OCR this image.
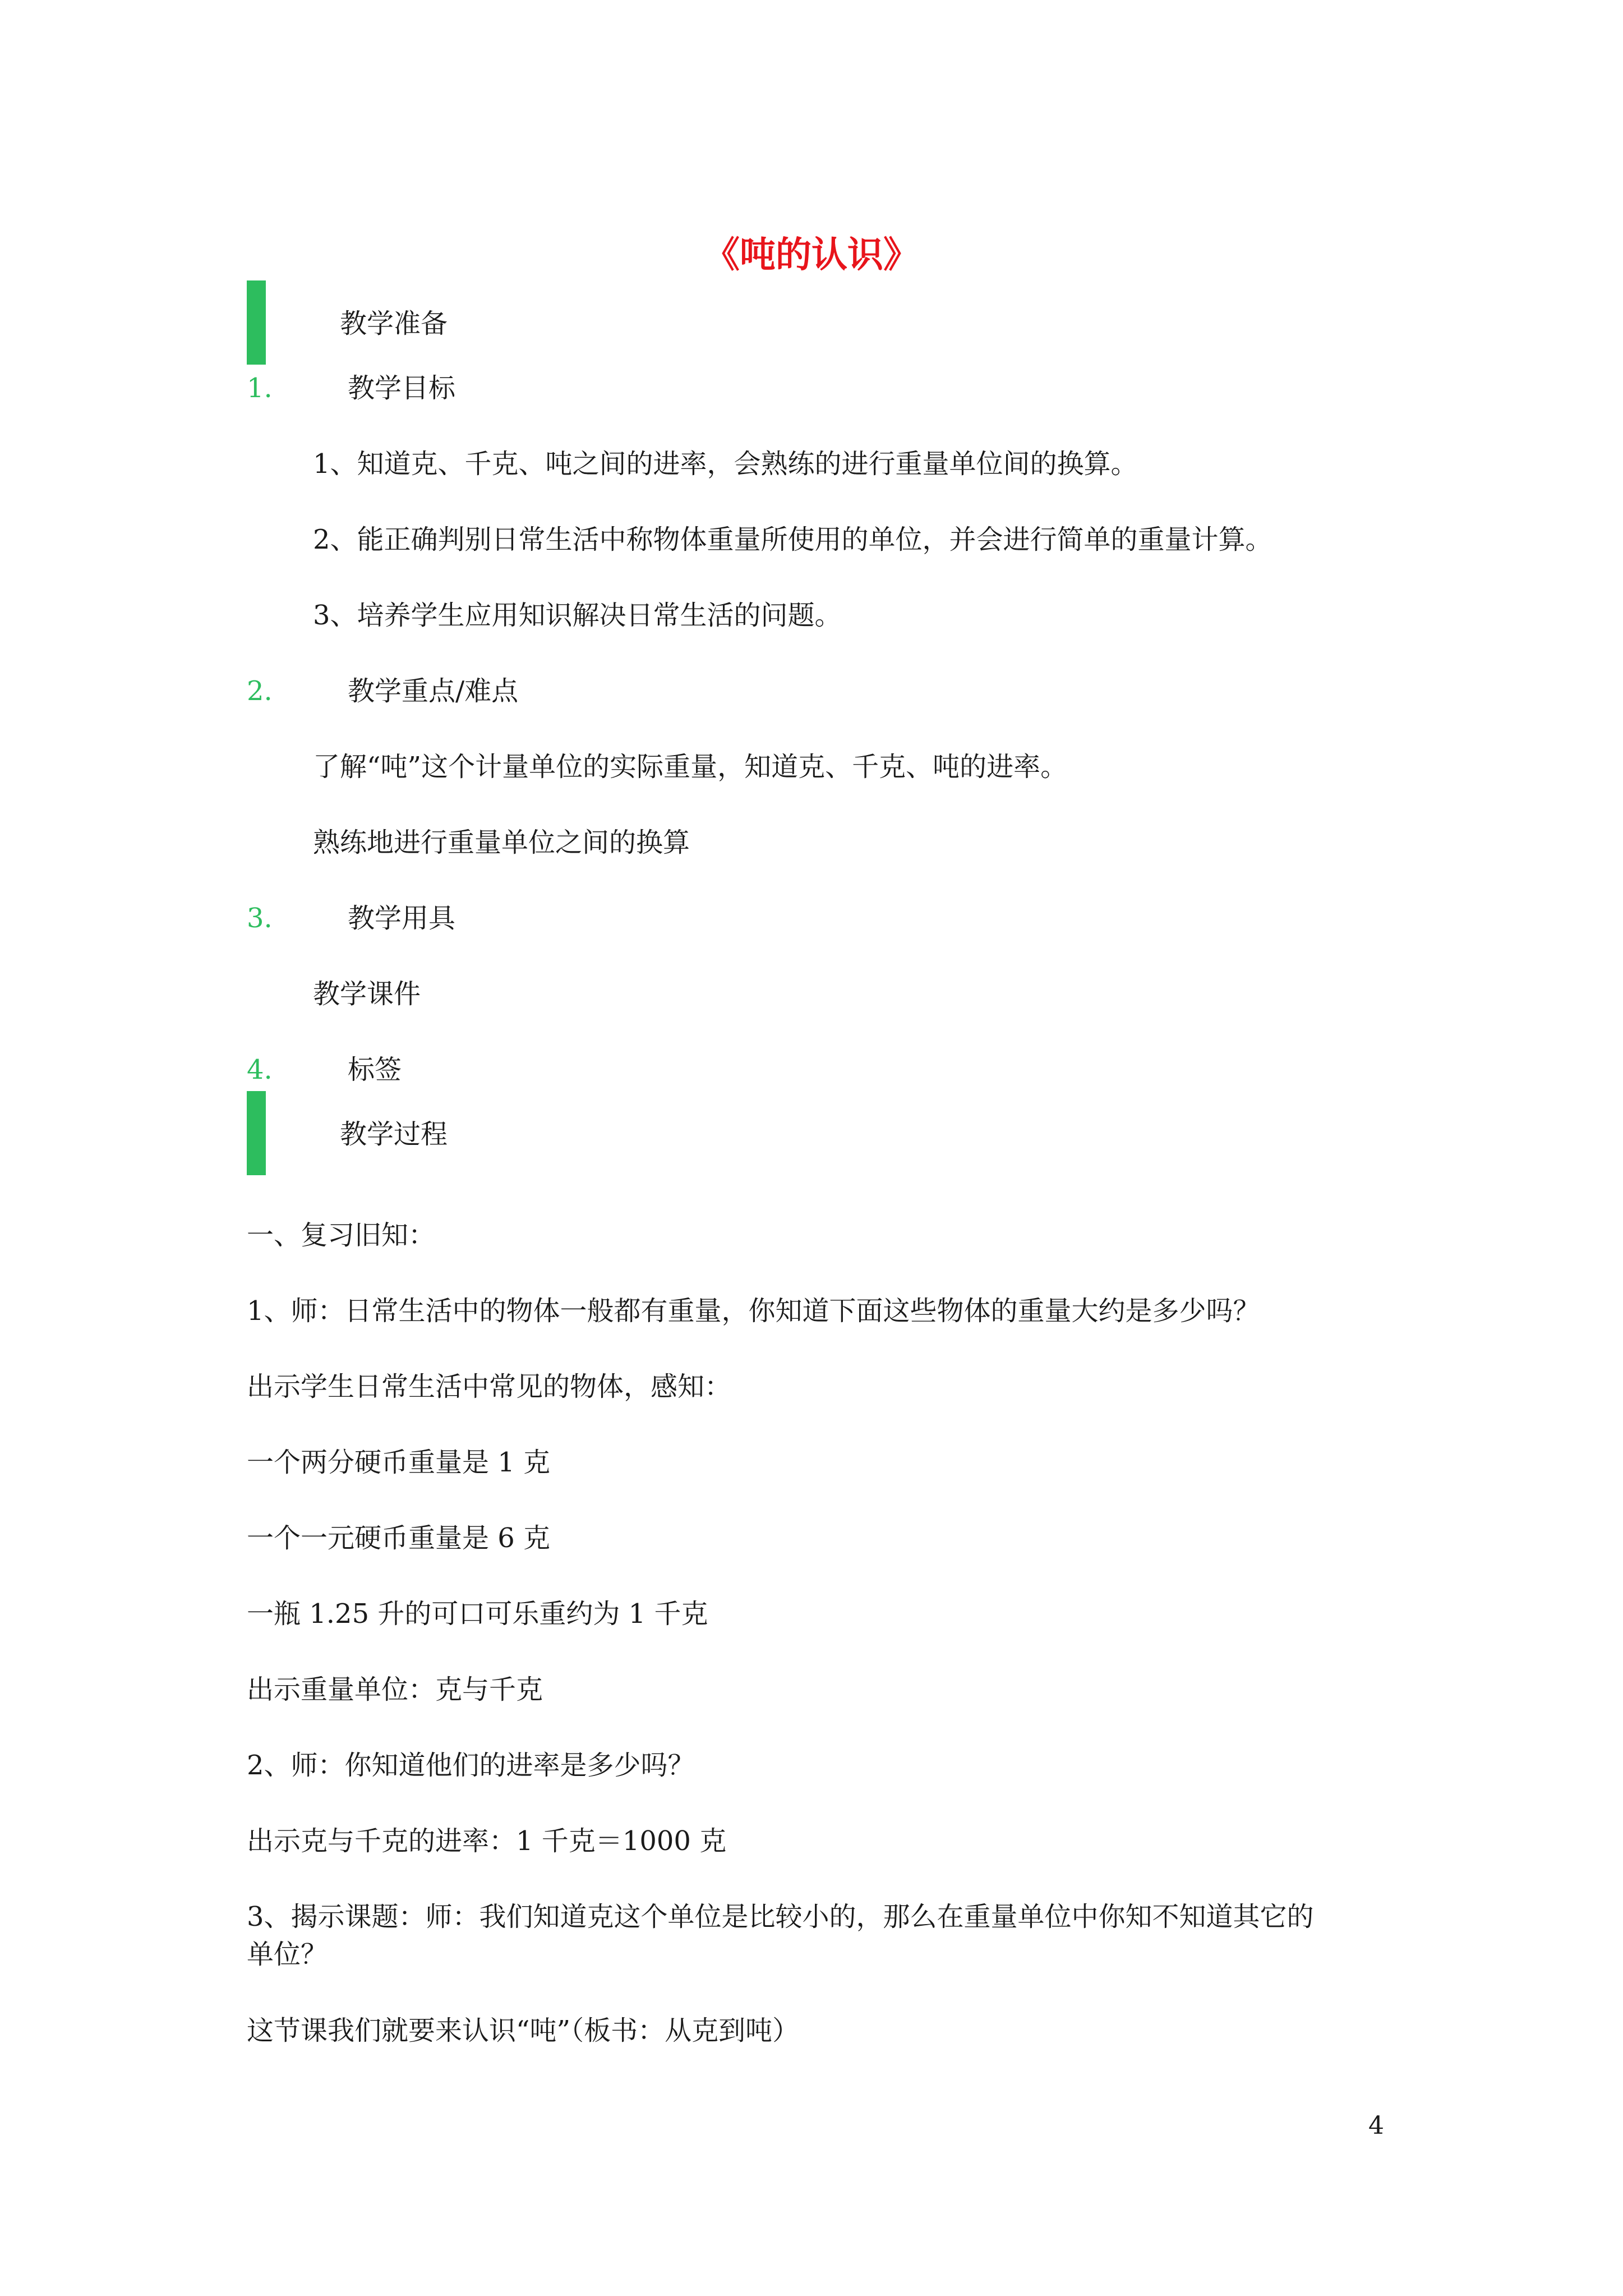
《吨的认识》
教学准备
1.	教学目标
1、知道克、千克、吨之间的进率，会熟练的进行重量单位间的换算。
2、能正确判别日常生活中称物体重量所使用的单位，并会进行简单的重量计算。
3、培养学生应用知识解决日常生活的问题。
2.	教学重点/难点
了解“吨”这个计量单位的实际重量，知道克、千克、吨的进率。
熟练地进行重量单位之间的换算
3.	教学用具
教学课件
4.	标签
教学过程
一、复习旧知：
1、师：日常生活中的物体一般都有重量，你知道下面这些物体的重量大约是多少吗？
出示学生日常生活中常见的物体，感知：
一个两分硬币重量是 1 克
一个一元硬币重量是 6 克
一瓶 1.25 升的可口可乐重约为 1 千克
出示重量单位：克与千克
2、师：你知道他们的进率是多少吗？
出示克与千克的进率：1 千克＝1000 克
3、揭示课题：师：我们知道克这个单位是比较小的，那么在重量单位中你知不知道其它的
单位？
这节课我们就要来认识“吨”（板书：从克到吨）
4
